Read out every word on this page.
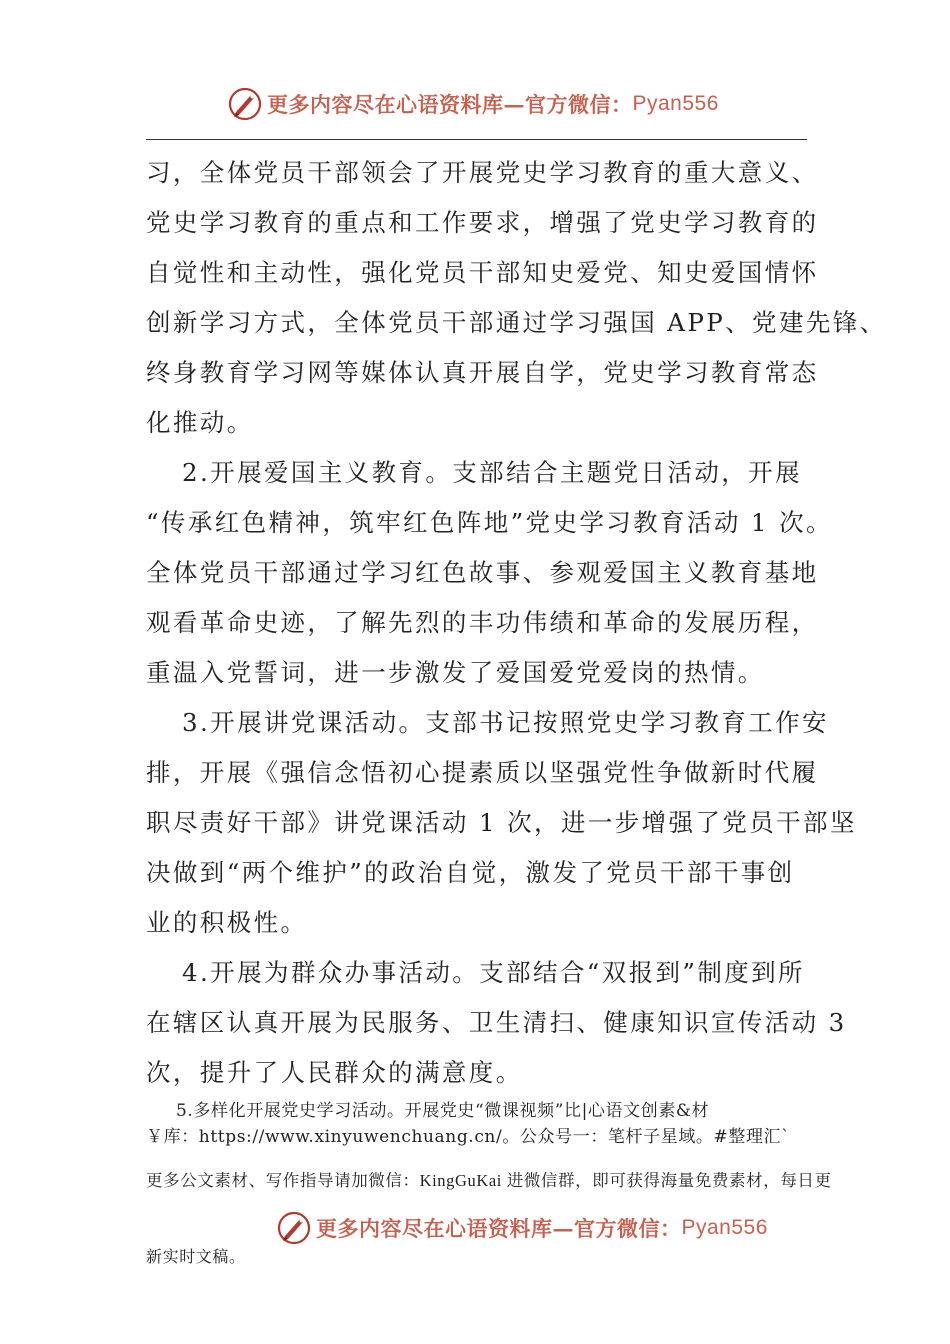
更多内容尽在心语资料库—官方微信： Pyan556
习，全体党员干部领会了开展党史学习教育的重大意义、
党史学习教育的重点和工作要求，增强了党史学习教育的
自觉性和主动性，强化党员干部知史爱党、知史爱国情怀
创新学习方式，全体党员干部通过学习强国 APP、党建先锋、
终身教育学习网等媒体认真开展自学，党史学习教育常态
化推动。
2.开展爱国主义教育。支部结合主题党日活动，开展
“传承红色精神，筑牢红色阵地”党史学习教育活动 1 次。
全体党员干部通过学习红色故事、参观爱国主义教育基地
观看革命史迹，了解先烈的丰功伟绩和革命的发展历程，
重温入党誓词，进一步激发了爱国爱党爱岗的热情。
3.开展讲党课活动。支部书记按照党史学习教育工作安
排，开展《强信念悟初心提素质以坚强党性争做新时代履
职尽责好干部》讲党课活动 1 次，进一步增强了党员干部坚
决做到“两个维护”的政治自觉，激发了党员干部干事创
业的积极性。
4.开展为群众办事活动。支部结合“双报到”制度到所
在辖区认真开展为民服务、卫生清扫、健康知识宣传活动 3
次，提升了人民群众的满意度。
5.多样化开展党史学习活动。开展党史“微课视频”比|心语文创素&材
￥库：https://www.xinyuwenchuang.cn/。公众号一：笔杆子星域。#整理汇`
更多公文素材、写作指导请加微信：KingGuKai 进微信群，即可获得海量免费素材，每日更
更多内容尽在心语资料库—官方微信： Pyan556
新实时文稿。
